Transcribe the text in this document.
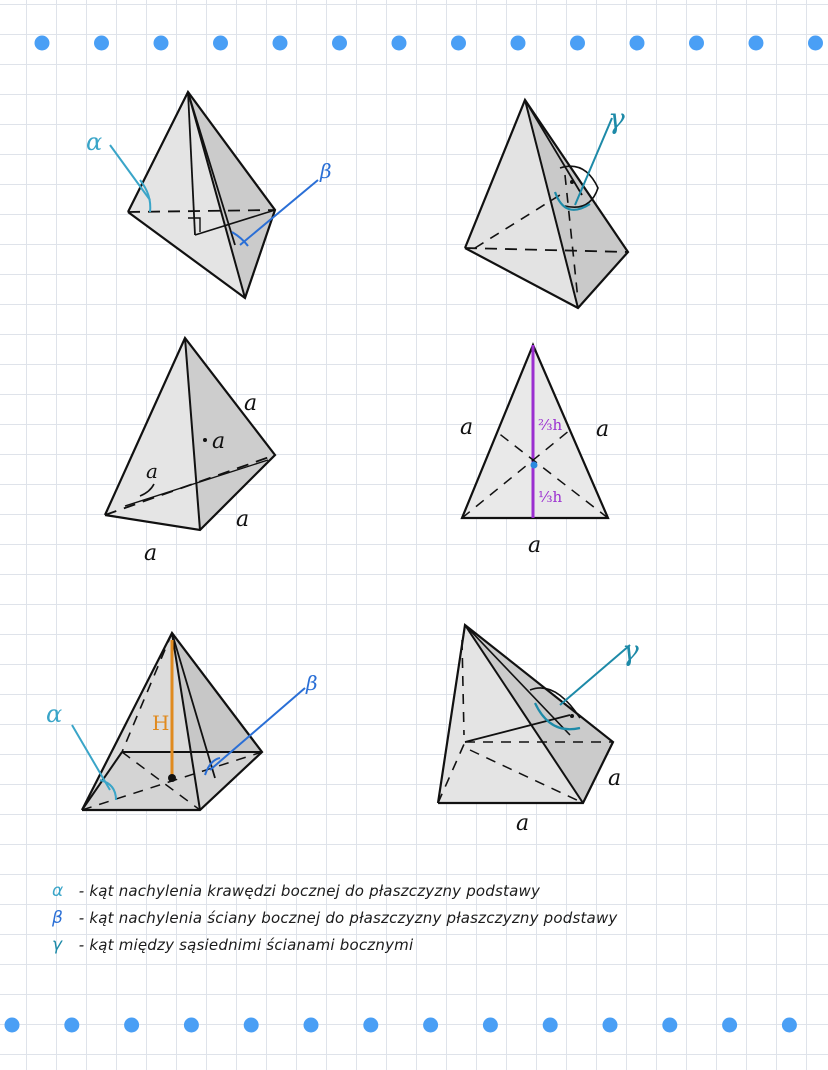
α
β
γ
a
a
a
a
a
a	a
a
⅔h
⅓h
H
α
β
γ
a
a
α - kąt nachylenia krawędzi bocznej do płaszczyzny podstawy
β - kąt nachylenia ściany bocznej do płaszczyzny płaszczyzny podstawy
γ - kąt między sąsiednimi ścianami bocznymi
